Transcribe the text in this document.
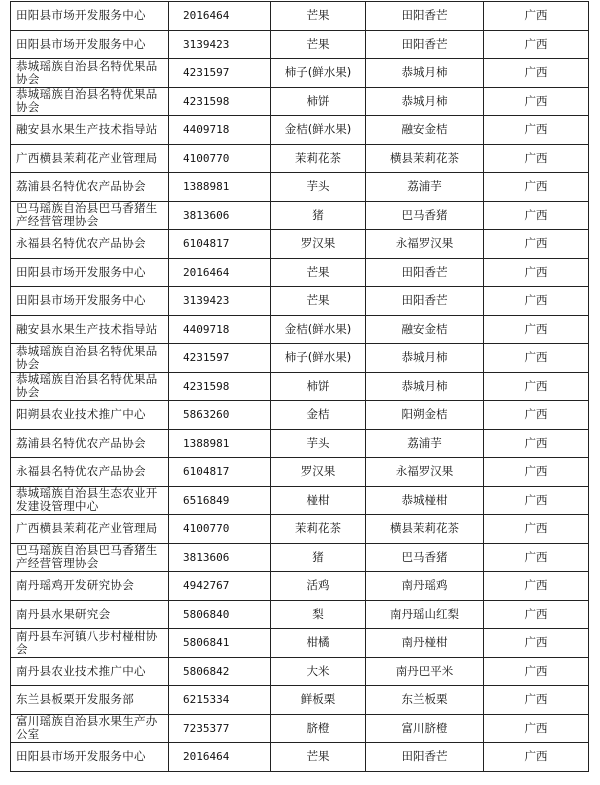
田阳县市场开发服务中心	2016464	芒果	田阳香芒	广西
田阳县市场开发服务中心	3139423	芒果	田阳香芒	广西
恭城瑶族自治县名特优果品协会	4231597	柿子(鲜水果)	恭城月柿	广西
恭城瑶族自治县名特优果品协会	4231598	柿饼	恭城月柿	广西
融安县水果生产技术指导站	4409718	金桔(鲜水果)	融安金桔	广西
广西横县茉莉花产业管理局	4100770	茉莉花茶	横县茉莉花茶	广西
荔浦县名特优农产品协会	1388981	芋头	荔浦芋	广西
巴马瑶族自治县巴马香猪生产经营管理协会	3813606	猪	巴马香猪	广西
永福县名特优农产品协会	6104817	罗汉果	永福罗汉果	广西
田阳县市场开发服务中心	2016464	芒果	田阳香芒	广西
田阳县市场开发服务中心	3139423	芒果	田阳香芒	广西
融安县水果生产技术指导站	4409718	金桔(鲜水果)	融安金桔	广西
恭城瑶族自治县名特优果品协会	4231597	柿子(鲜水果)	恭城月柿	广西
恭城瑶族自治县名特优果品协会	4231598	柿饼	恭城月柿	广西
阳朔县农业技术推广中心	5863260	金桔	阳朔金桔	广西
荔浦县名特优农产品协会	1388981	芋头	荔浦芋	广西
永福县名特优农产品协会	6104817	罗汉果	永福罗汉果	广西
恭城瑶族自治县生态农业开发建设管理中心	6516849	椪柑	恭城椪柑	广西
广西横县茉莉花产业管理局	4100770	茉莉花茶	横县茉莉花茶	广西
巴马瑶族自治县巴马香猪生产经营管理协会	3813606	猪	巴马香猪	广西
南丹瑶鸡开发研究协会	4942767	活鸡	南丹瑶鸡	广西
南丹县水果研究会	5806840	梨	南丹瑶山红梨	广西
南丹县车河镇八步村椪柑协会	5806841	柑橘	南丹椪柑	广西
南丹县农业技术推广中心	5806842	大米	南丹巴平米	广西
东兰县板栗开发服务部	6215334	鲜板栗	东兰板栗	广西
富川瑶族自治县水果生产办公室	7235377	脐橙	富川脐橙	广西
田阳县市场开发服务中心	2016464	芒果	田阳香芒	广西
